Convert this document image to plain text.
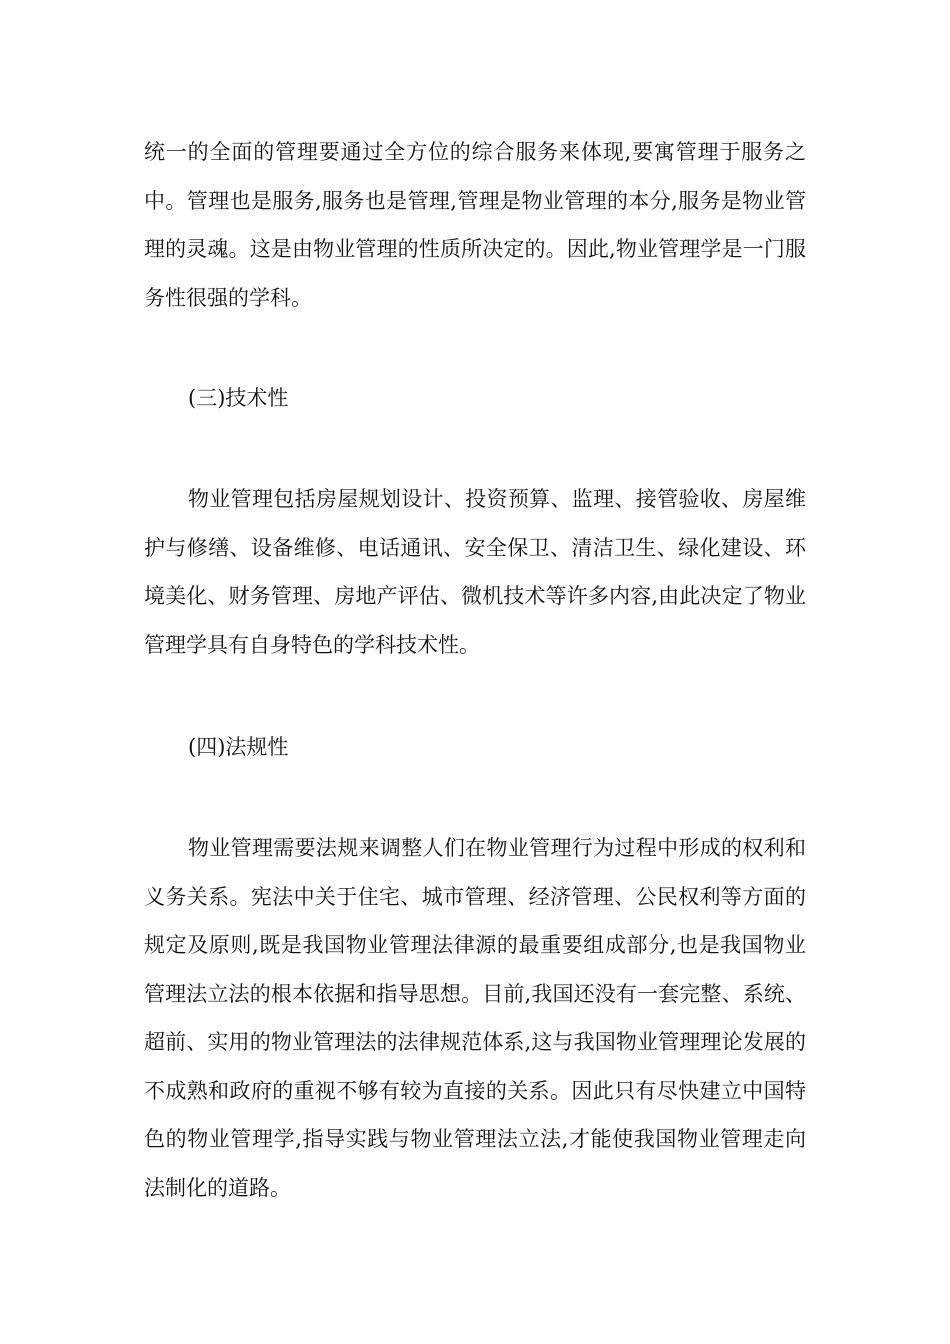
统一的全面的管理要通过全方位的综合服务来体现,要寓管理于服务之中。管理也是服务,服务也是管理,管理是物业管理的本分,服务是物业管理的灵魂。这是由物业管理的性质所决定的。因此,物业管理学是一门服务性很强的学科。

(三)技术性

物业管理包括房屋规划设计、投资预算、监理、接管验收、房屋维护与修缮、设备维修、电话通讯、安全保卫、清洁卫生、绿化建设、环境美化、财务管理、房地产评估、微机技术等许多内容,由此决定了物业管理学具有自身特色的学科技术性。

(四)法规性

物业管理需要法规来调整人们在物业管理行为过程中形成的权利和义务关系。宪法中关于住宅、城市管理、经济管理、公民权利等方面的规定及原则,既是我国物业管理法律源的最重要组成部分,也是我国物业管理法立法的根本依据和指导思想。目前,我国还没有一套完整、系统、超前、实用的物业管理法的法律规范体系,这与我国物业管理理论发展的不成熟和政府的重视不够有较为直接的关系。因此只有尽快建立中国特色的物业管理学,指导实践与物业管理法立法,才能使我国物业管理走向法制化的道路。
